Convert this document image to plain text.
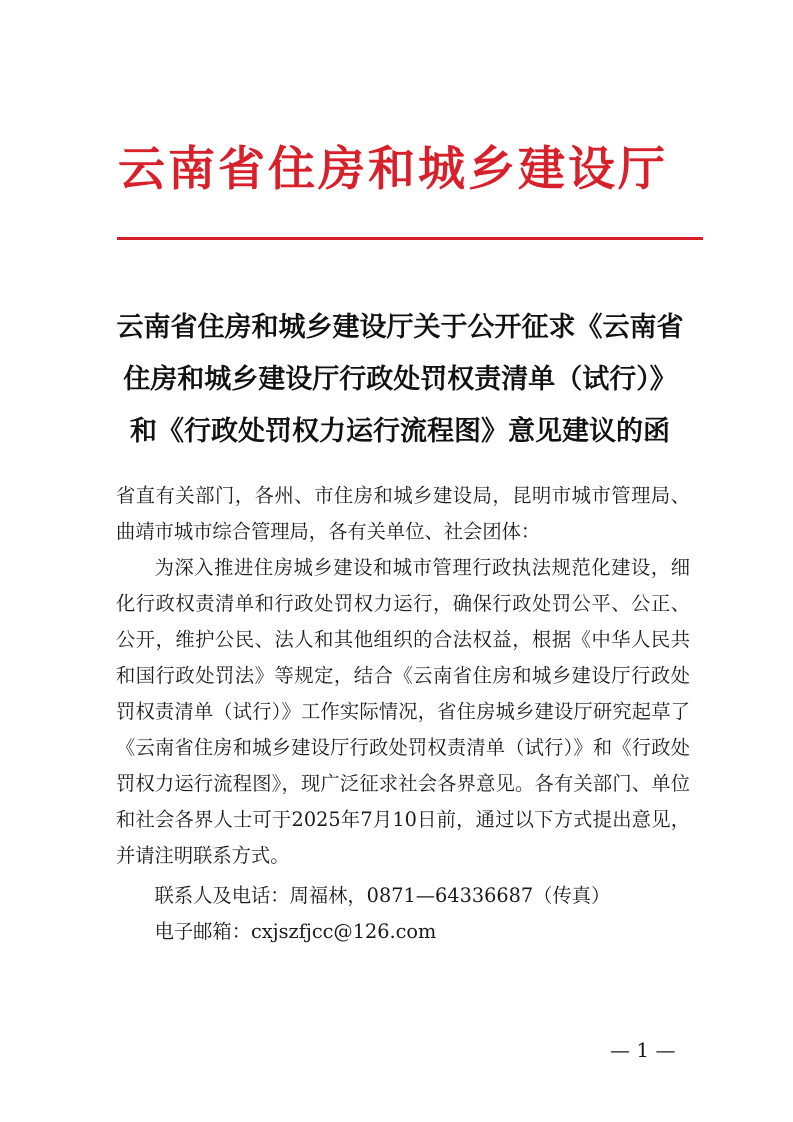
云南省住房和城乡建设厅
云南省住房和城乡建设厅关于公开征求《云南省
住房和城乡建设厅行政处罚权责清单（试行）》
和《行政处罚权力运行流程图》意见建议的函

省直有关部门，各州、市住房和城乡建设局，昆明市城市管理局、曲靖市城市综合管理局，各有关单位、社会团体：

为深入推进住房城乡建设和城市管理行政执法规范化建设，细化行政权责清单和行政处罚权力运行，确保行政处罚公平、公正、公开，维护公民、法人和其他组织的合法权益，根据《中华人民共和国行政处罚法》等规定，结合《云南省住房和城乡建设厅行政处罚权责清单（试行）》工作实际情况，省住房城乡建设厅研究起草了《云南省住房和城乡建设厅行政处罚权责清单（试行）》和《行政处罚权力运行流程图》，现广泛征求社会各界意见。各有关部门、单位和社会各界人士可于2025年7月10日前，通过以下方式提出意见，并请注明联系方式。

联系人及电话：周福林，0871—64336687（传真）

电子邮箱：cxjszfjcc@126.com

— 1 —
